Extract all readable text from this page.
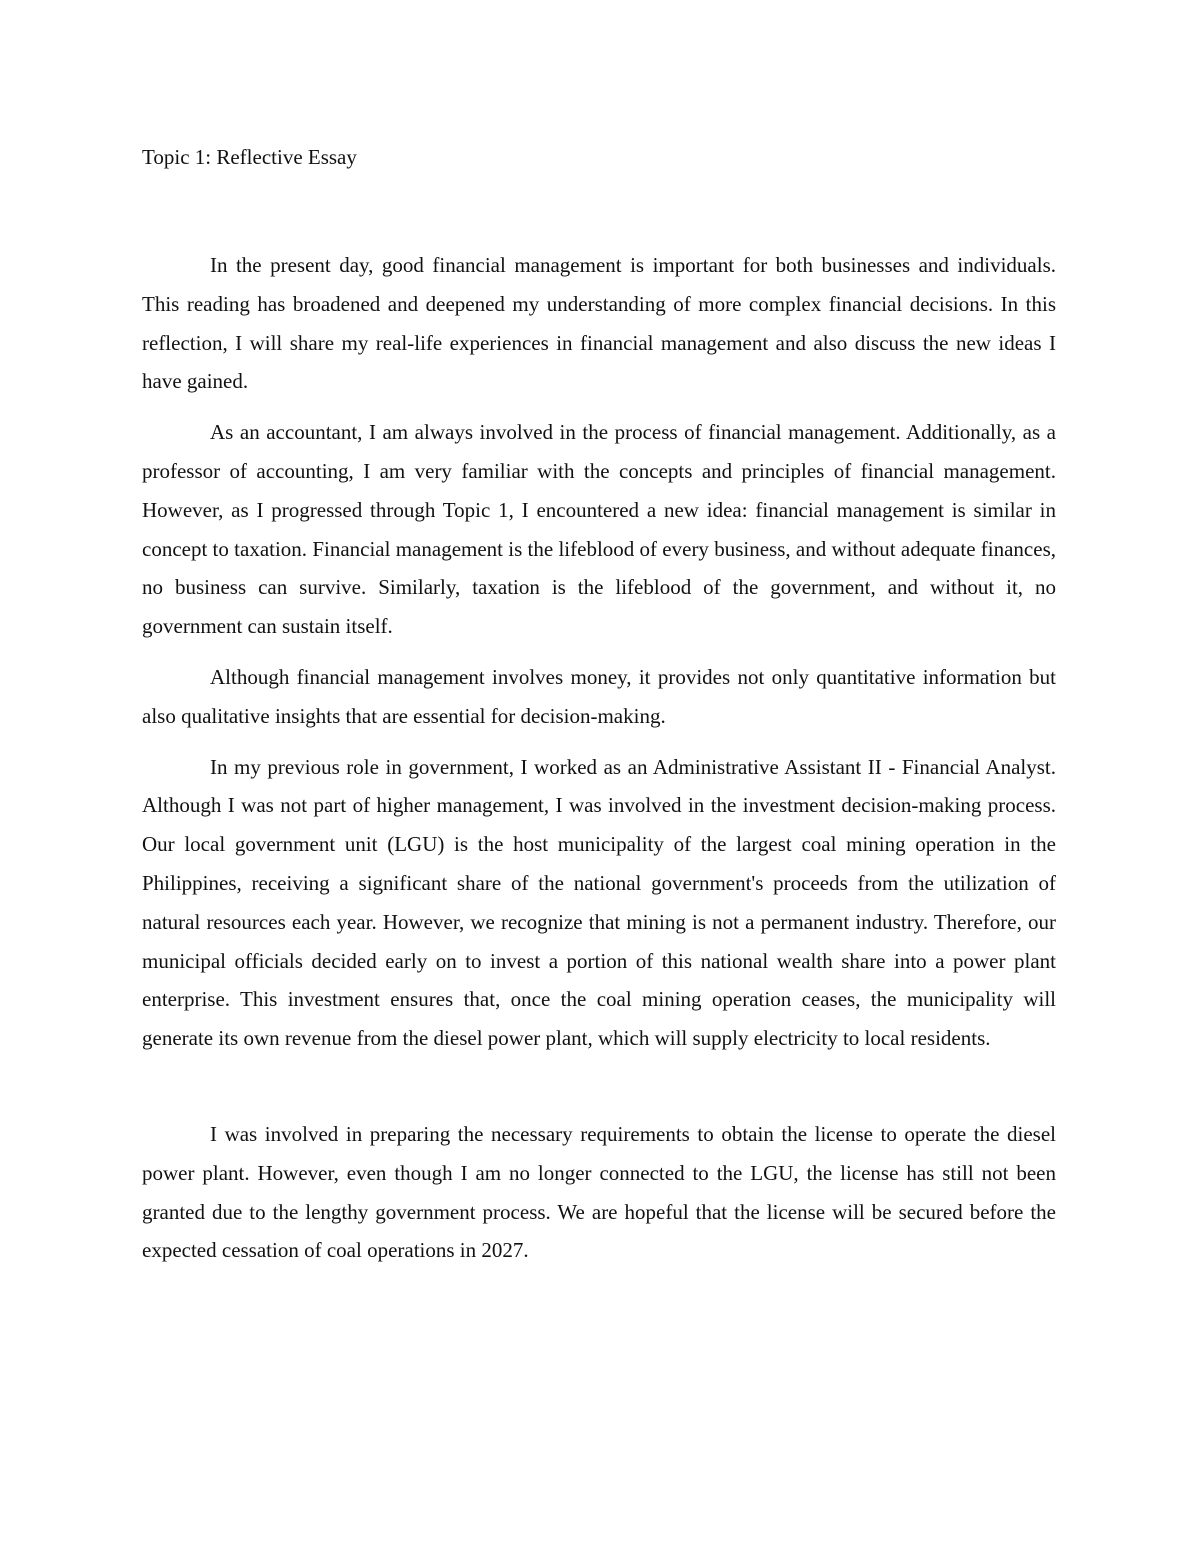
Topic 1: Reflective Essay

In the present day, good financial management is important for both businesses and individuals. This reading has broadened and deepened my understanding of more complex financial decisions. In this reflection, I will share my real-life experiences in financial management and also discuss the new ideas I have gained.

As an accountant, I am always involved in the process of financial management. Additionally, as a professor of accounting, I am very familiar with the concepts and principles of financial management. However, as I progressed through Topic 1, I encountered a new idea: financial management is similar in concept to taxation. Financial management is the lifeblood of every business, and without adequate finances, no business can survive. Similarly, taxation is the lifeblood of the government, and without it, no government can sustain itself.

Although financial management involves money, it provides not only quantitative information but also qualitative insights that are essential for decision-making.

In my previous role in government, I worked as an Administrative Assistant II - Financial Analyst. Although I was not part of higher management, I was involved in the investment decision-making process. Our local government unit (LGU) is the host municipality of the largest coal mining operation in the Philippines, receiving a significant share of the national government's proceeds from the utilization of natural resources each year. However, we recognize that mining is not a permanent industry. Therefore, our municipal officials decided early on to invest a portion of this national wealth share into a power plant enterprise. This investment ensures that, once the coal mining operation ceases, the municipality will generate its own revenue from the diesel power plant, which will supply electricity to local residents.

I was involved in preparing the necessary requirements to obtain the license to operate the diesel power plant. However, even though I am no longer connected to the LGU, the license has still not been granted due to the lengthy government process. We are hopeful that the license will be secured before the expected cessation of coal operations in 2027.
